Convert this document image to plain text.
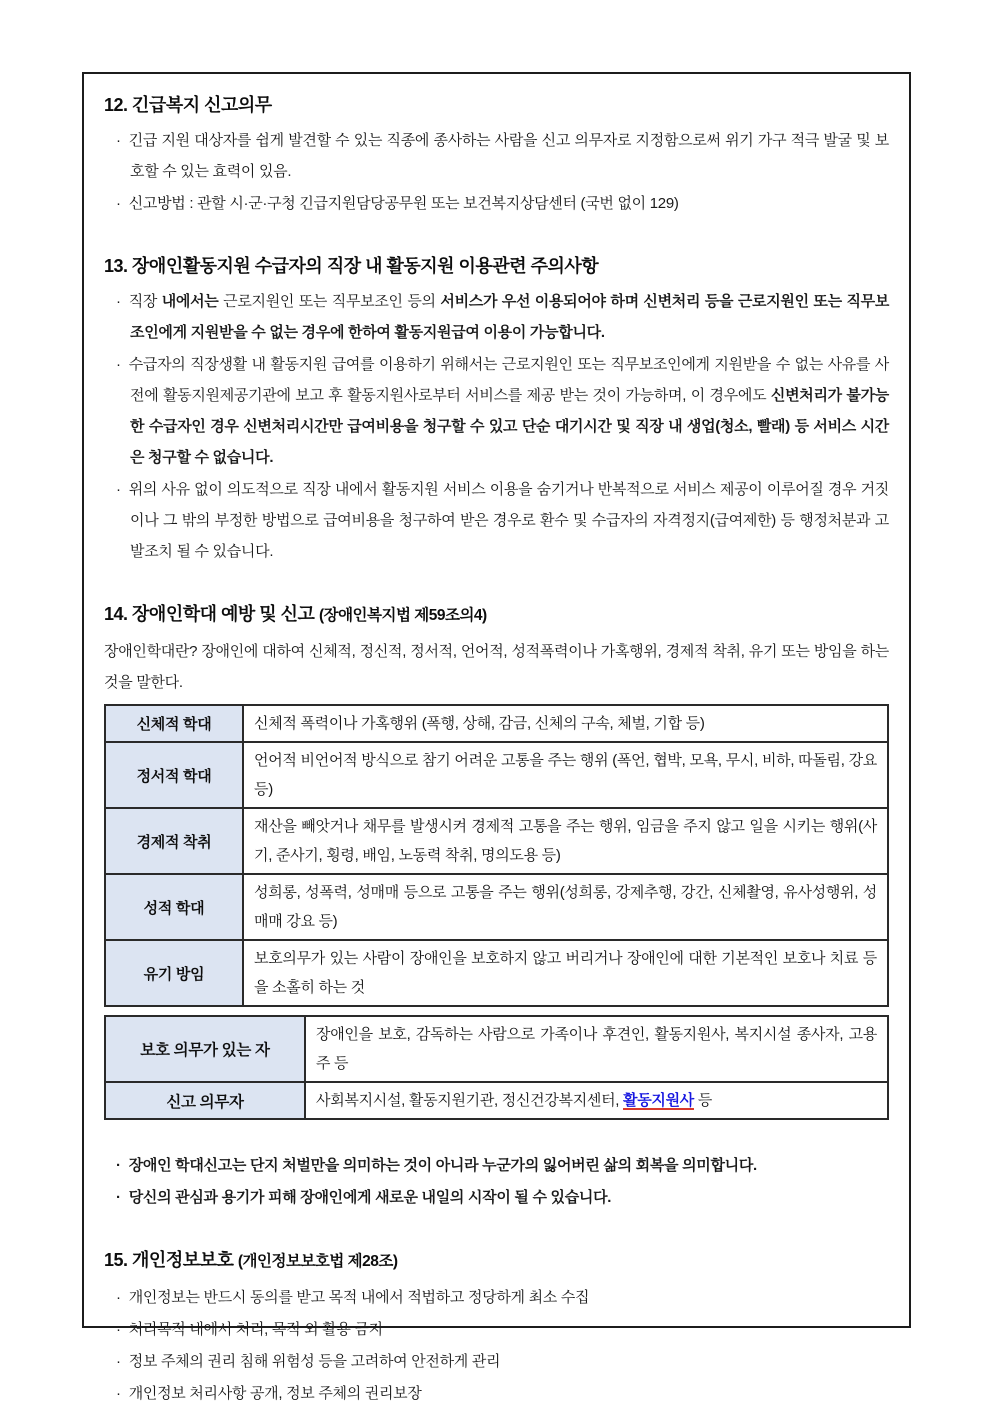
12. 긴급복지 신고의무

· 긴급 지원 대상자를 쉽게 발견할 수 있는 직종에 종사하는 사람을 신고 의무자로 지정함으로써 위기 가구 적극 발굴 및 보호할 수 있는 효력이 있음.

· 신고방법 : 관할 시·군·구청 긴급지원담당공무원 또는 보건복지상담센터 (국번 없이 129)

13. 장애인활동지원 수급자의 직장 내 활동지원 이용관련 주의사항

· 직장 내에서는 근로지원인 또는 직무보조인 등의 서비스가 우선 이용되어야 하며 신변처리 등을 근로지원인 또는 직무보조인에게 지원받을 수 없는 경우에 한하여 활동지원급여 이용이 가능합니다.

· 수급자의 직장생활 내 활동지원 급여를 이용하기 위해서는 근로지원인 또는 직무보조인에게 지원받을 수 없는 사유를 사전에 활동지원제공기관에 보고 후 활동지원사로부터 서비스를 제공 받는 것이 가능하며, 이 경우에도 신변처리가 불가능한 수급자인 경우 신변처리시간만 급여비용을 청구할 수 있고 단순 대기시간 및 직장 내 생업(청소, 빨래) 등 서비스 시간은 청구할 수 없습니다.

· 위의 사유 없이 의도적으로 직장 내에서 활동지원 서비스 이용을 숨기거나 반복적으로 서비스 제공이 이루어질 경우 거짓이나 그 밖의 부정한 방법으로 급여비용을 청구하여 받은 경우로 환수 및 수급자의 자격정지(급여제한) 등 행정처분과 고발조치 될 수 있습니다.

14. 장애인학대 예방 및 신고 (장애인복지법 제59조의4)

장애인학대란? 장애인에 대하여 신체적, 정신적, 정서적, 언어적, 성적폭력이나 가혹행위, 경제적 착취, 유기 또는 방임을 하는 것을 말한다.

신체적 학대	신체적 폭력이나 가혹행위 (폭행, 상해, 감금, 신체의 구속, 체벌, 기합 등)
정서적 학대	언어적 비언어적 방식으로 참기 어려운 고통을 주는 행위 (폭언, 협박, 모욕, 무시, 비하, 따돌림, 강요 등)
경제적 착취	재산을 빼앗거나 채무를 발생시켜 경제적 고통을 주는 행위, 임금을 주지 않고 일을 시키는 행위(사기, 준사기, 횡령, 배임, 노동력 착취, 명의도용 등)
성적 학대	성희롱, 성폭력, 성매매 등으로 고통을 주는 행위(성희롱, 강제추행, 강간, 신체촬영, 유사성행위, 성매매 강요 등)
유기 방임	보호의무가 있는 사람이 장애인을 보호하지 않고 버리거나 장애인에 대한 기본적인 보호나 치료 등을 소홀히 하는 것
보호 의무가 있는 자	장애인을 보호, 감독하는 사람으로 가족이나 후견인, 활동지원사, 복지시설 종사자, 고용주 등
신고 의무자	사회복지시설, 활동지원기관, 정신건강복지센터, 활동지원사 등

· 장애인 학대신고는 단지 처벌만을 의미하는 것이 아니라 누군가의 잃어버린 삶의 회복을 의미합니다.

· 당신의 관심과 용기가 피해 장애인에게 새로운 내일의 시작이 될 수 있습니다.

15. 개인정보보호 (개인정보보호법 제28조)

· 개인정보는 반드시 동의를 받고 목적 내에서 적법하고 정당하게 최소 수집

· 처리목적 내에서 처리, 목적 외 활용 금지

· 정보 주체의 권리 침해 위험성 등을 고려하여 안전하게 관리

· 개인정보 처리사항 공개, 정보 주체의 권리보장
